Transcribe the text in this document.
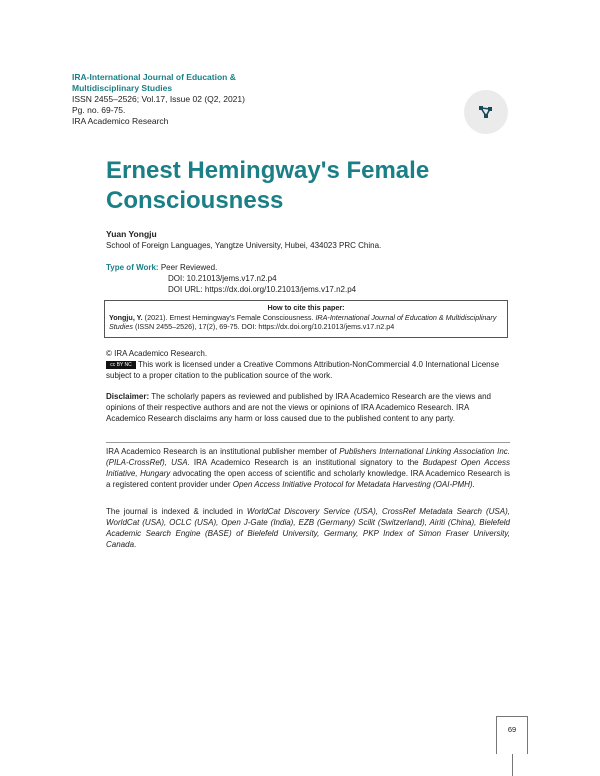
IRA-International Journal of Education &
Multidisciplinary Studies
ISSN 2455–2526; Vol.17, Issue 02 (Q2, 2021)
Pg. no. 69-75.
IRA Academico Research
Ernest Hemingway's Female Consciousness
Yuan Yongju
School of Foreign Languages, Yangtze University, Hubei, 434023 PRC China.
Type of Work: Peer Reviewed.
DOI: 10.21013/jems.v17.n2.p4
DOI URL: https://dx.doi.org/10.21013/jems.v17.n2.p4
How to cite this paper:
Yongju, Y. (2021). Ernest Hemingway's Female Consciousness. IRA-International Journal of Education & Multidisciplinary Studies (ISSN 2455–2526), 17(2), 69-75. DOI: https://dx.doi.org/10.21013/jems.v17.n2.p4
© IRA Academico Research.
cc BY NC This work is licensed under a Creative Commons Attribution-NonCommercial 4.0 International License subject to a proper citation to the publication source of the work.
Disclaimer: The scholarly papers as reviewed and published by IRA Academico Research are the views and opinions of their respective authors and are not the views or opinions of IRA Academico Research. IRA Academico Research disclaims any harm or loss caused due to the published content to any party.
IRA Academico Research is an institutional publisher member of Publishers International Linking Association Inc. (PILA-CrossRef), USA. IRA Academico Research is an institutional signatory to the Budapest Open Access Initiative, Hungary advocating the open access of scientific and scholarly knowledge. IRA Academico Research is a registered content provider under Open Access Initiative Protocol for Metadata Harvesting (OAI-PMH).
The journal is indexed & included in WorldCat Discovery Service (USA), CrossRef Metadata Search (USA), WorldCat (USA), OCLC (USA), Open J-Gate (India), EZB (Germany) Scilit (Switzerland), Airiti (China), Bielefeld Academic Search Engine (BASE) of Bielefeld University, Germany, PKP Index of Simon Fraser University, Canada.
69
